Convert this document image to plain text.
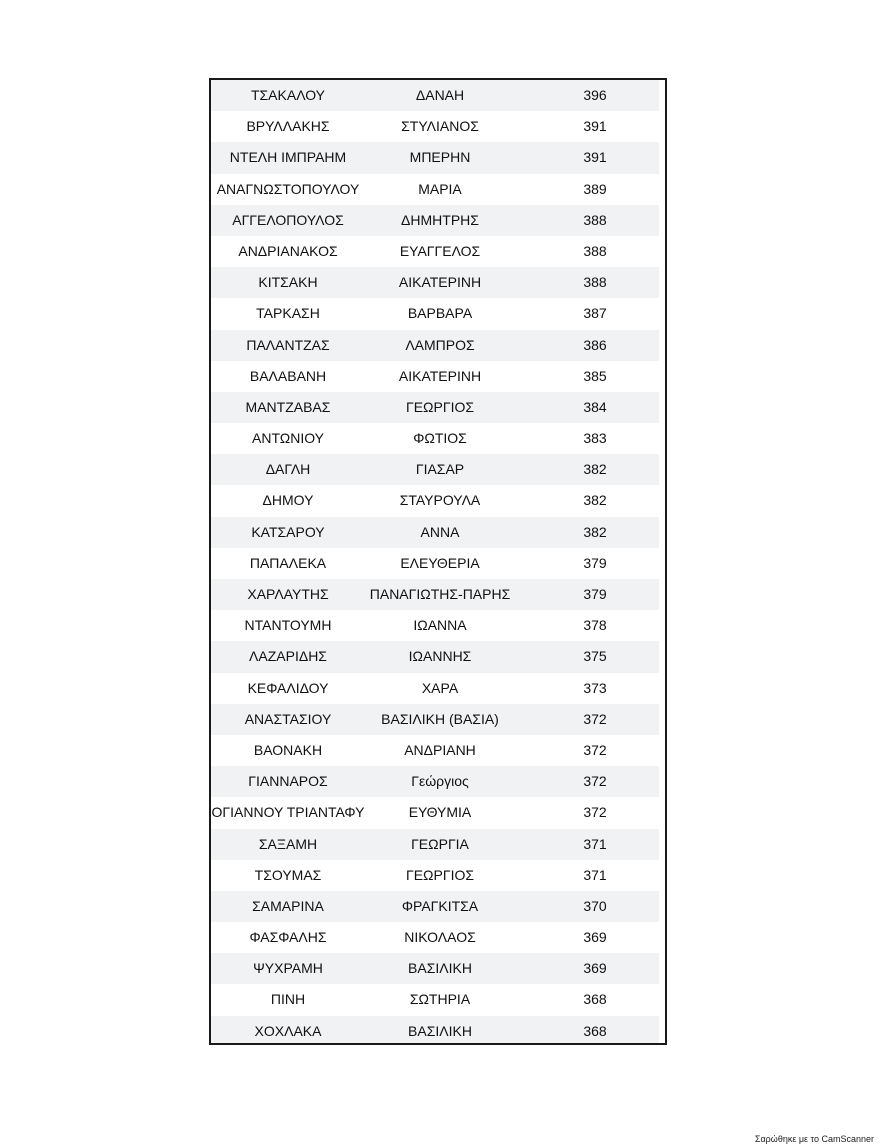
ΤΣΑΚΑΛΟΥ	ΔΑΝΑΗ	396
ΒΡΥΛΛΑΚΗΣ	ΣΤΥΛΙΑΝΟΣ	391
ΝΤΕΛΗ ΙΜΠΡΑΗΜ	ΜΠΕΡΗΝ	391
ΑΝΑΓΝΩΣΤΟΠΟΥΛΟΥ	ΜΑΡΙΑ	389
ΑΓΓΕΛΟΠΟΥΛΟΣ	ΔΗΜΗΤΡΗΣ	388
ΑΝΔΡΙΑΝΑΚΟΣ	ΕΥΑΓΓΕΛΟΣ	388
ΚΙΤΣΑΚΗ	ΑΙΚΑΤΕΡΙΝΗ	388
ΤΑΡΚΑΣΗ	ΒΑΡΒΑΡΑ	387
ΠΑΛΑΝΤΖΑΣ	ΛΑΜΠΡΟΣ	386
ΒΑΛΑΒΑΝΗ	ΑΙΚΑΤΕΡΙΝΗ	385
ΜΑΝΤΖΑΒΑΣ	ΓΕΩΡΓΙΟΣ	384
ΑΝΤΩΝΙΟΥ	ΦΩΤΙΟΣ	383
ΔΑΓΛΗ	ΓΙΑΣΑΡ	382
ΔΗΜΟΥ	ΣΤΑΥΡΟΥΛΑ	382
ΚΑΤΣΑΡΟΥ	ΑΝΝΑ	382
ΠΑΠΑΛΕΚΑ	ΕΛΕΥΘΕΡΙΑ	379
ΧΑΡΛΑΥΤΗΣ	ΠΑΝΑΓΙΩΤΗΣ-ΠΑΡΗΣ	379
ΝΤΑΝΤΟΥΜΗ	ΙΩΑΝΝΑ	378
ΛΑΖΑΡΙΔΗΣ	ΙΩΑΝΝΗΣ	375
ΚΕΦΑΛΙΔΟΥ	ΧΑΡΑ	373
ΑΝΑΣΤΑΣΙΟΥ	ΒΑΣΙΛΙΚΗ (ΒΑΣΙΑ)	372
ΒΑΟΝΑΚΗ	ΑΝΔΡΙΑΝΗ	372
ΓΙΑΝΝΑΡΟΣ	Γεώργιος	372
ΟΓΙΑΝΝΟΥ ΤΡΙΑΝΤΑΦΥ	ΕΥΘΥΜΙΑ	372
ΣΑΞΑΜΗ	ΓΕΩΡΓΙΑ	371
ΤΣΟΥΜΑΣ	ΓΕΩΡΓΙΟΣ	371
ΣΑΜΑΡΙΝΑ	ΦΡΑΓΚΙΤΣΑ	370
ΦΑΣΦΑΛΗΣ	ΝΙΚΟΛΑΟΣ	369
ΨΥΧΡΑΜΗ	ΒΑΣΙΛΙΚΗ	369
ΠΙΝΗ	ΣΩΤΗΡΙΑ	368
ΧΟΧΛΑΚΑ	ΒΑΣΙΛΙΚΗ	368
Σαρώθηκε με το CamScanner
